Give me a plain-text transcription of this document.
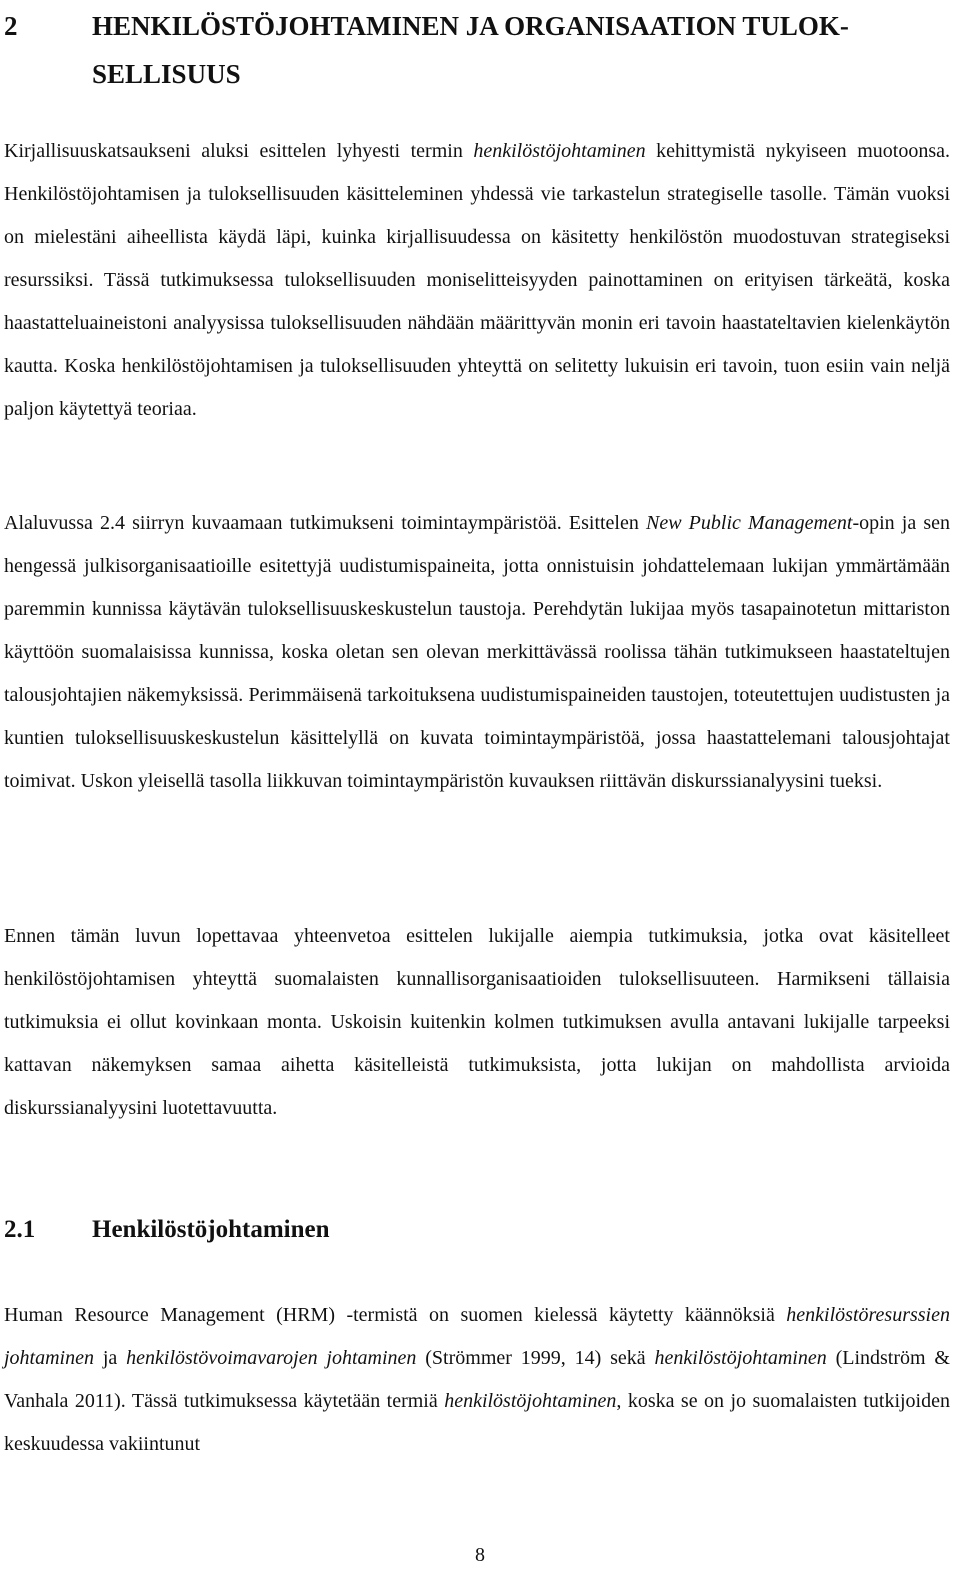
2	HENKILÖSTÖJOHTAMINEN JA ORGANISAATION TULOK-SELLISUUS

Kirjallisuuskatsaukseni aluksi esittelen lyhyesti termin henkilöstöjohtaminen kehittymistä nykyiseen muotoonsa. Henkilöstöjohtamisen ja tuloksellisuuden käsitteleminen yhdessä vie tarkastelun strategiselle tasolle. Tämän vuoksi on mielestäni aiheellista käydä läpi, kuinka kirjallisuudessa on käsitetty henkilöstön muodostuvan strategiseksi resurssiksi. Tässä tutkimuksessa tuloksellisuuden moniselitteisyyden painottaminen on erityisen tärkeätä, koska haastatteluaineistoni analyysissa tuloksellisuuden nähdään määrittyvän monin eri tavoin haastateltavien kielenkäytön kautta. Koska henkilöstöjohtamisen ja tuloksellisuuden yhteyttä on selitetty lukuisin eri tavoin, tuon esiin vain neljä paljon käytettyä teoriaa.

Alaluvussa 2.4 siirryn kuvaamaan tutkimukseni toimintaympäristöä. Esittelen New Public Management-opin ja sen hengessä julkisorganisaatioille esitettyjä uudistumispaineita, jotta onnistuisin johdattelemaan lukijan ymmärtämään paremmin kunnissa käytävän tuloksellisuuskeskustelun taustoja. Perehdytän lukijaa myös tasapainotetun mittariston käyttöön suomalaisissa kunnissa, koska oletan sen olevan merkittävässä roolissa tähän tutkimukseen haastateltujen talousjohtajien näkemyksissä. Perimmäisenä tarkoituksena uudistumispaineiden taustojen, toteutettujen uudistusten ja kuntien tuloksellisuuskeskustelun käsittelyllä on kuvata toimintaympäristöä, jossa haastattelemani talousjohtajat toimivat. Uskon yleisellä tasolla liikkuvan toimintaympäristön kuvauksen riittävän diskurssianalyysini tueksi.

Ennen tämän luvun lopettavaa yhteenvetoa esittelen lukijalle aiempia tutkimuksia, jotka ovat käsitelleet henkilöstöjohtamisen yhteyttä suomalaisten kunnallisorganisaatioiden tuloksellisuuteen. Harmikseni tällaisia tutkimuksia ei ollut kovinkaan monta. Uskoisin kuitenkin kolmen tutkimuksen avulla antavani lukijalle tarpeeksi kattavan näkemyksen samaa aihetta käsitelleistä tutkimuksista, jotta lukijan on mahdollista arvioida diskurssianalyysini luotettavuutta.

2.1 Henkilöstöjohtaminen

Human Resource Management (HRM) -termistä on suomen kielessä käytetty käännöksiä henkilöstöresurssien johtaminen ja henkilöstövoimavarojen johtaminen (Strömmer 1999, 14) sekä henkilöstöjohtaminen (Lindström & Vanhala 2011). Tässä tutkimuksessa käytetään termiä henkilöstöjohtaminen, koska se on jo suomalaisten tutkijoiden keskuudessa vakiintunut

8
